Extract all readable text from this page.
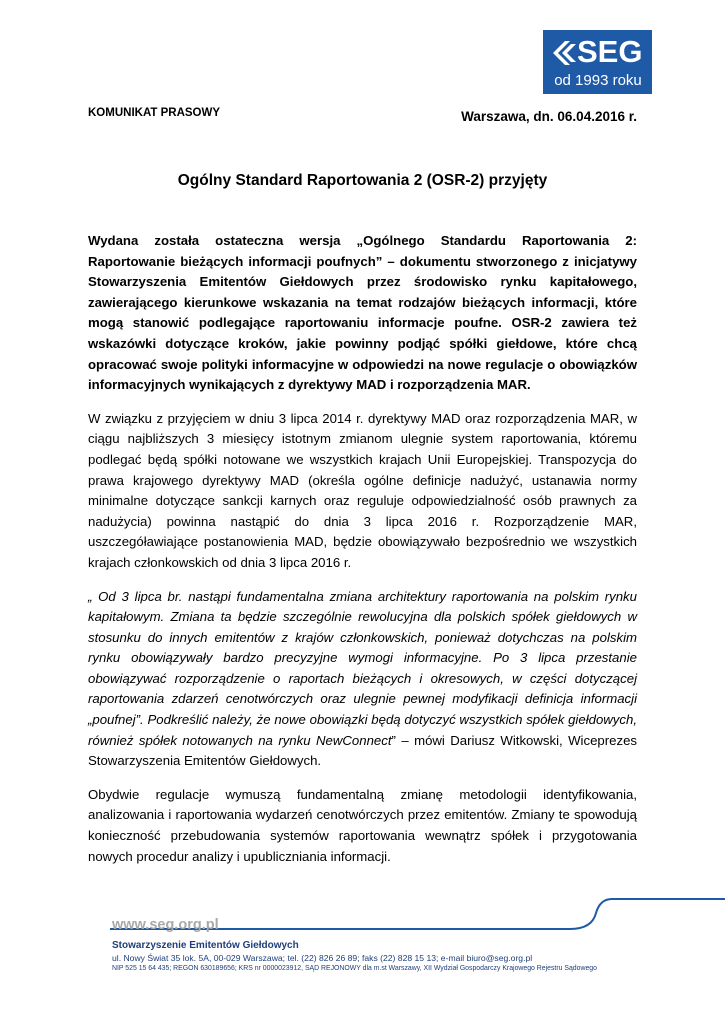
SEG
od 1993 roku
KOMUNIKAT PRASOWY	Warszawa, dn. 06.04.2016 r.
Ogólny Standard Raportowania 2 (OSR-2) przyjęty

Wydana została ostateczna wersja „Ogólnego Standardu Raportowania 2: Raportowanie bieżących informacji poufnych” – dokumentu stworzonego z inicjatywy Stowarzyszenia Emitentów Giełdowych przez środowisko rynku kapitałowego, zawierającego kierunkowe wskazania na temat rodzajów bieżących informacji, które mogą stanowić podlegające raportowaniu informacje poufne. OSR-2 zawiera też wskazówki dotyczące kroków, jakie powinny podjąć spółki giełdowe, które chcą opracować swoje polityki informacyjne w odpowiedzi na nowe regulacje o obowiązków informacyjnych wynikających z dyrektywy MAD i rozporządzenia MAR.

W związku z przyjęciem w dniu 3 lipca 2014 r. dyrektywy MAD oraz rozporządzenia MAR, w ciągu najbliższych 3 miesięcy istotnym zmianom ulegnie system raportowania, któremu podlegać będą spółki notowane we wszystkich krajach Unii Europejskiej. Transpozycja do prawa krajowego dyrektywy MAD (określa ogólne definicje nadużyć, ustanawia normy minimalne dotyczące sankcji karnych oraz reguluje odpowiedzialność osób prawnych za nadużycia) powinna nastąpić do dnia 3 lipca 2016 r. Rozporządzenie MAR, uszczegóławiające postanowienia MAD, będzie obowiązywało bezpośrednio we wszystkich krajach członkowskich od dnia 3 lipca 2016 r.

„ Od 3 lipca br. nastąpi fundamentalna zmiana architektury raportowania na polskim rynku kapitałowym. Zmiana ta będzie szczególnie rewolucyjna dla polskich spółek giełdowych w stosunku do innych emitentów z krajów członkowskich, ponieważ dotychczas na polskim rynku obowiązywały bardzo precyzyjne wymogi informacyjne. Po 3 lipca przestanie obowiązywać rozporządzenie o raportach bieżących i okresowych, w części dotyczącej raportowania zdarzeń cenotwórczych oraz ulegnie pewnej modyfikacji definicja informacji „poufnej”. Podkreślić należy, że nowe obowiązki będą dotyczyć wszystkich spółek giełdowych, również spółek notowanych na rynku NewConnect” – mówi Dariusz Witkowski, Wiceprezes Stowarzyszenia Emitentów Giełdowych.

Obydwie regulacje wymuszą fundamentalną zmianę metodologii identyfikowania, analizowania i raportowania wydarzeń cenotwórczych przez emitentów. Zmiany te spowodują konieczność przebudowania systemów raportowania wewnątrz spółek i przygotowania nowych procedur analizy i upubliczniania informacji.

www.seg.org.pl
Stowarzyszenie Emitentów Giełdowych
ul. Nowy Świat 35 lok. 5A, 00-029 Warszawa; tel. (22) 826 26 89; faks (22) 828 15 13; e-mail biuro@seg.org.pl
NIP 525 15 64 435; REGON 630189656; KRS nr 0000023912, SĄD REJONOWY dla m.st Warszawy, XII Wydział Gospodarczy Krajowego Rejestru Sądowego
